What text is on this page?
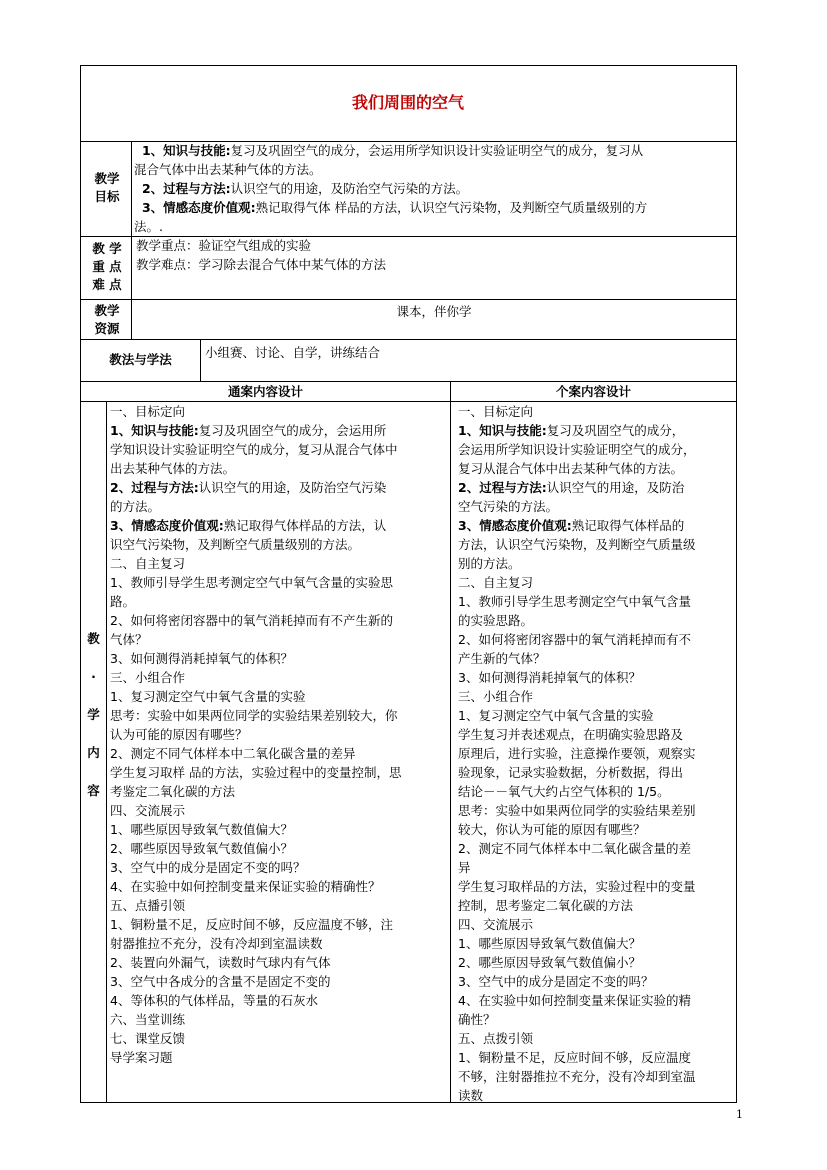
我们周围的空气
教学
目标
1、知识与技能:复习及巩固空气的成分，会运用所学知识设计实验证明空气的成分，复习从
混合气体中出去某种气体的方法。
2、过程与方法:认识空气的用途，及防治空气污染的方法。
3、情感态度价值观:熟记取得气体 样品的方法，认识空气污染物，及判断空气质量级别的方
法。.
教 学
重 点
难 点
教学重点：验证空气组成的实验
教学难点：学习除去混合气体中某气体的方法
教学
资源
课本，伴你学
教法与学法	小组赛、讨论、自学，讲练结合
通案内容设计	个案内容设计
教
·
学
内
容
一、目标定向
1、知识与技能:复习及巩固空气的成分，会运用所
学知识设计实验证明空气的成分，复习从混合气体中
出去某种气体的方法。
2、过程与方法:认识空气的用途，及防治空气污染
的方法。
3、情感态度价值观:熟记取得气体样品的方法，认
识空气污染物，及判断空气质量级别的方法。
二、自主复习
1、教师引导学生思考测定空气中氧气含量的实验思
路。
2、如何将密闭容器中的氧气消耗掉而有不产生新的
气体？
3、如何测得消耗掉氧气的体积？
三、小组合作
1、复习测定空气中氧气含量的实验
思考：实验中如果两位同学的实验结果差别较大，你
认为可能的原因有哪些？
2、测定不同气体样本中二氧化碳含量的差异
学生复习取样 品的方法，实验过程中的变量控制，思
考鉴定二氧化碳的方法
四、交流展示
1、哪些原因导致氧气数值偏大？
2、哪些原因导致氧气数值偏小？
3、空气中的成分是固定不变的吗？
4、在实验中如何控制变量来保证实验的精确性？
五、点播引领
1、铜粉量不足，反应时间不够，反应温度不够，注
射器推拉不充分，没有冷却到室温读数
2、装置向外漏气，读数时气球内有气体
3、空气中各成分的含量不是固定不变的
4、等体积的气体样品，等量的石灰水
六、当堂训练
七、课堂反馈
导学案习题
一、目标定向
1、知识与技能:复习及巩固空气的成分，
会运用所学知识设计实验证明空气的成分，
复习从混合气体中出去某种气体的方法。
2、过程与方法:认识空气的用途，及防治
空气污染的方法。
3、情感态度价值观:熟记取得气体样品的
方法，认识空气污染物，及判断空气质量级
别的方法。
二、自主复习
1、教师引导学生思考测定空气中氧气含量
的实验思路。
2、如何将密闭容器中的氧气消耗掉而有不
产生新的气体？
3、如何测得消耗掉氧气的体积？
三、小组合作
1、复习测定空气中氧气含量的实验
学生复习并表述观点，在明确实验思路及
原理后，进行实验，注意操作要领，观察实
验现象，记录实验数据，分析数据，得出
结论－－氧气大约占空气体积的 1/5。
思考：实验中如果两位同学的实验结果差别
较大，你认为可能的原因有哪些？
2、测定不同气体样本中二氧化碳含量的差
异
学生复习取样品的方法，实验过程中的变量
控制，思考鉴定二氧化碳的方法
四、交流展示
1、哪些原因导致氧气数值偏大？
2、哪些原因导致氧气数值偏小？
3、空气中的成分是固定不变的吗？
4、在实验中如何控制变量来保证实验的精
确性？
五、点拨引领
1、铜粉量不足，反应时间不够，反应温度
不够，注射器推拉不充分，没有冷却到室温
读数
1
